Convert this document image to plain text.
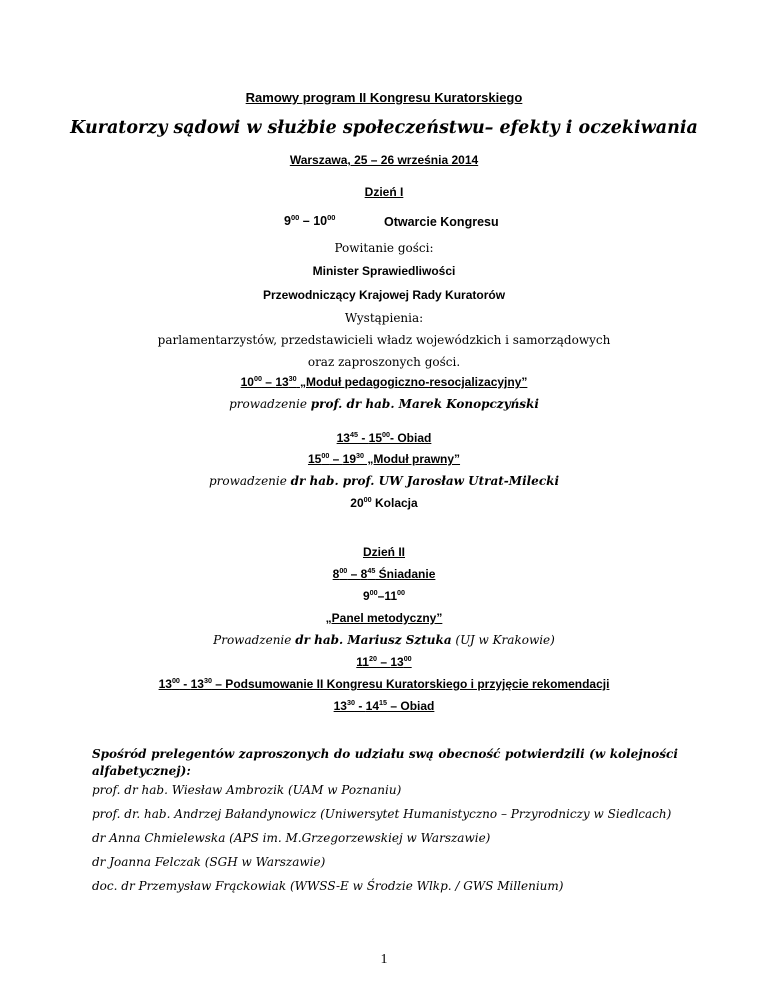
Ramowy program II Kongresu Kuratorskiego
Kuratorzy sądowi w służbie społeczeństwu– efekty i oczekiwania
Warszawa, 25 – 26 września 2014
Dzień I
$9^{00} - 10^{00}$	Otwarcie Kongresu
Powitanie gości:
Minister Sprawiedliwości
Przewodniczący Krajowej Rady Kuratorów
Wystąpienia:
parlamentarzystów, przedstawicieli władz wojewódzkich i samorządowych
oraz zaproszonych gości.
$10^{00} - 13^{30}$ „Moduł pedagogiczno-resocjalizacyjny”
prowadzenie prof. dr hab. Marek Konopczyński
$13^{45} - 15^{00}-$ Obiad
$15^{00} - 19^{30}$ „Moduł prawny”
prowadzenie dr hab. prof. UW Jarosław Utrat-Milecki
$20^{00}$ Kolacja
Dzień II
$8^{00} - 8^{45}$ Śniadanie
$9^{00}-11^{00}$
„Panel metodyczny”
Prowadzenie dr hab. Mariusz Sztuka (UJ w Krakowie)
$11^{20} - 13^{00}$
$13^{00} - 13^{30}$ – Podsumowanie II Kongresu Kuratorskiego i przyjęcie rekomendacji
$13^{30} - 14^{15}$ – Obiad
Spośród prelegentów zaproszonych do udziału swą obecność potwierdzili (w kolejności
alfabetycznej):
prof. dr hab. Wiesław Ambrozik (UAM w Poznaniu)
prof. dr. hab. Andrzej Bałandynowicz (Uniwersytet Humanistyczno – Przyrodniczy w Siedlcach)
dr Anna Chmielewska (APS im. M.Grzegorzewskiej w Warszawie)
dr Joanna Felczak (SGH w Warszawie)
doc. dr Przemysław Frąckowiak (WWSS-E w Środzie Wlkp. / GWS Millenium)
1
